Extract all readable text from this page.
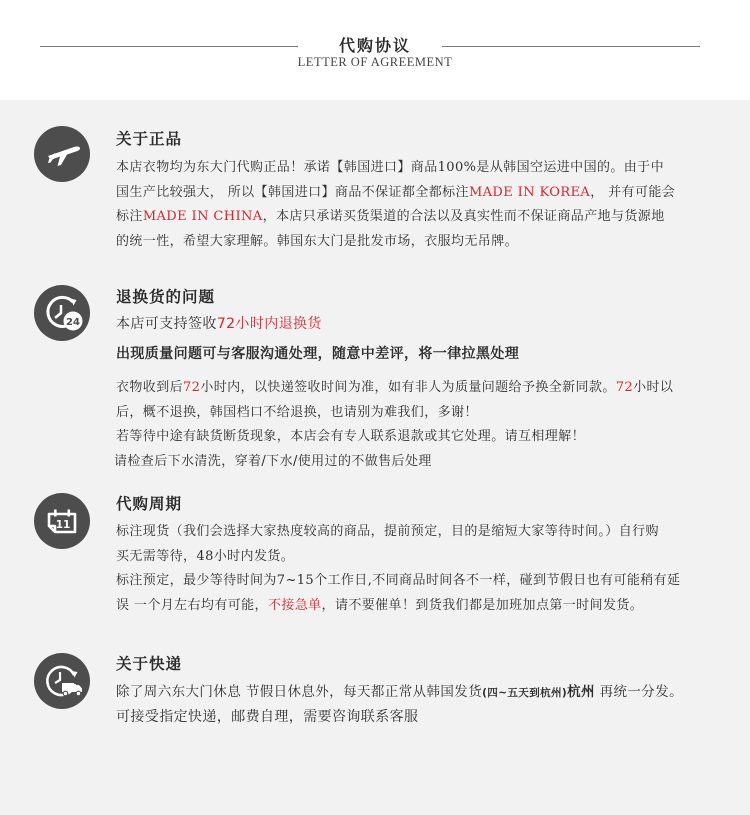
代购协议
LETTER OF AGREEMENT
关于正品
本店衣物均为东大门代购正品！承诺【韩国进口】商品100%是从韩国空运进中国的。由于中
国生产比较强大， 所以【韩国进口】商品不保证都全都标注MADE IN KOREA， 并有可能会
标注MADE IN CHINA，本店只承诺买货渠道的合法以及真实性而不保证商品产地与货源地
的统一性，希望大家理解。韩国东大门是批发市场，衣服均无吊牌。
24
退换货的问题
本店可支持签收72小时内退换货
出现质量问题可与客服沟通处理，随意中差评，将一律拉黑处理
衣物收到后72小时内，以快递签收时间为准，如有非人为质量问题给予换全新同款。72小时以
后，概不退换，韩国档口不给退换，也请别为难我们，多谢！
若等待中途有缺货断货现象，本店会有专人联系退款或其它处理。请互相理解！
请检查后下水清洗，穿着/下水/使用过的不做售后处理
11
代购周期
标注现货（我们会选择大家热度较高的商品，提前预定，目的是缩短大家等待时间。）自行购
买无需等待，48小时内发货。
标注预定，最少等待时间为7~15个工作日,不同商品时间各不一样，碰到节假日也有可能稍有延
误 一个月左右均有可能，不接急单，请不要催单！到货我们都是加班加点第一时间发货。
关于快递
除了周六东大门休息 节假日休息外，每天都正常从韩国发货(四~五天到杭州)杭州 再统一分发。
可接受指定快递，邮费自理，需要咨询联系客服
